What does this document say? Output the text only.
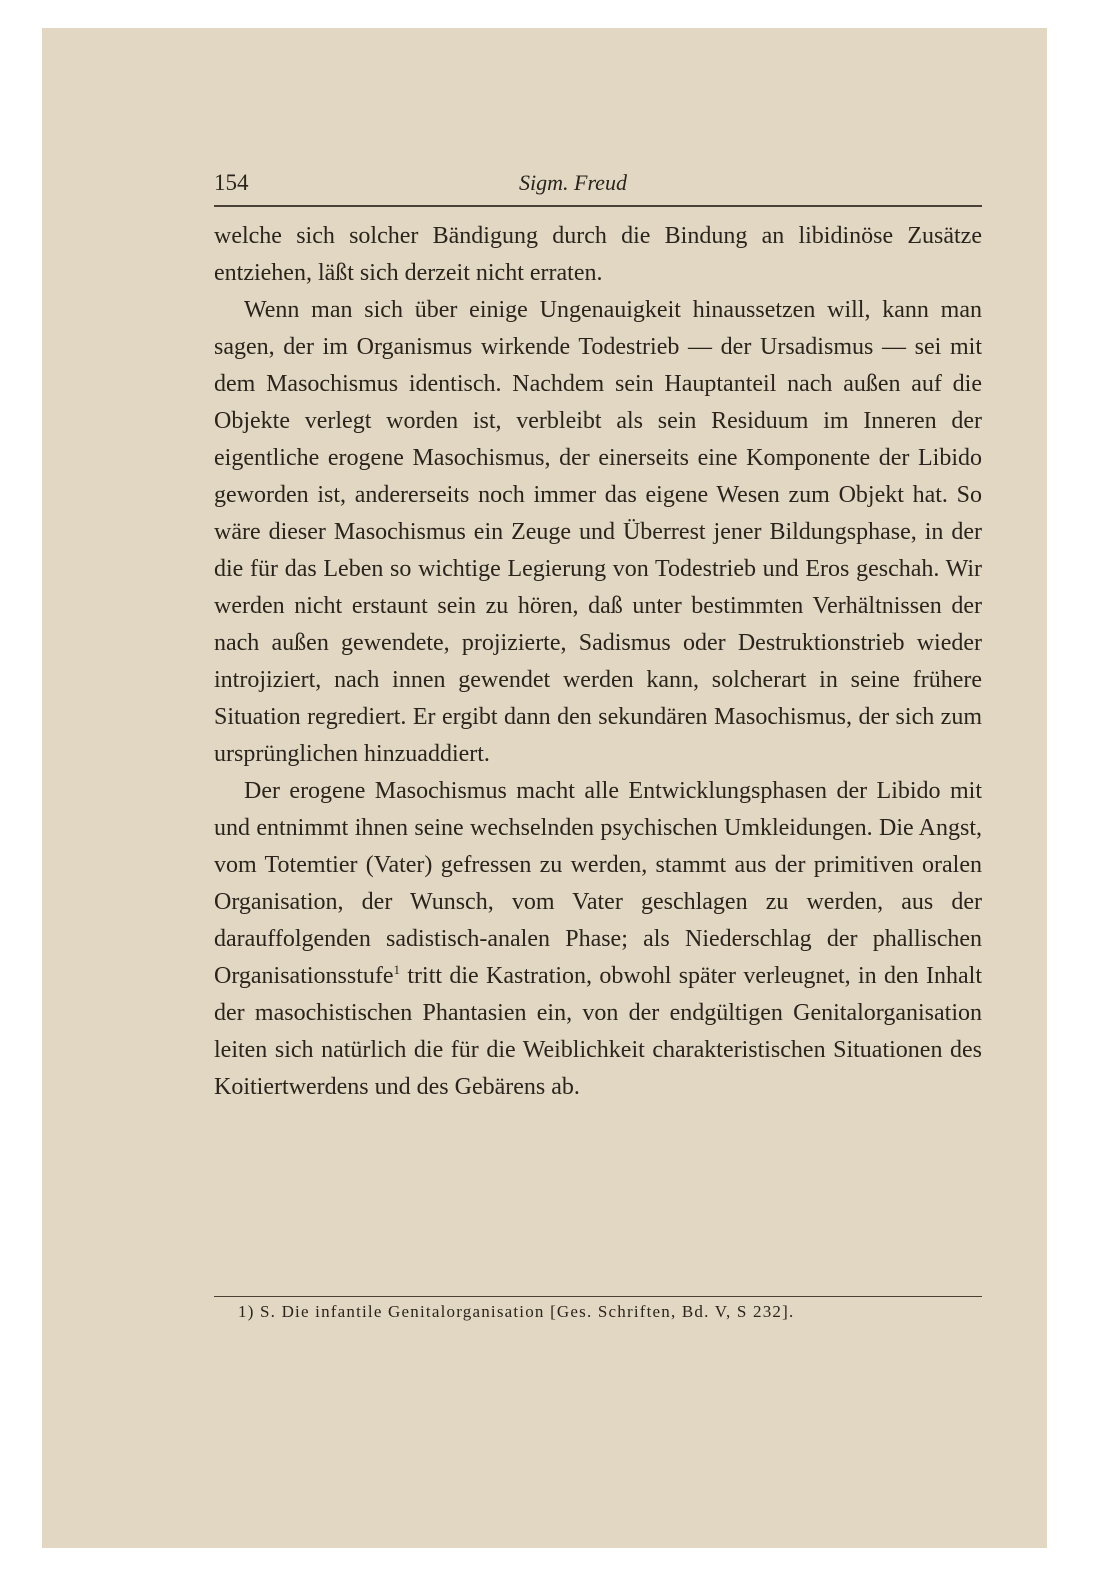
154	Sigm. Freud

welche sich solcher Bändigung durch die Bindung an libidinöse Zusätze entziehen, läßt sich derzeit nicht erraten.

Wenn man sich über einige Ungenauigkeit hinaussetzen will, kann man sagen, der im Organismus wirkende Todestrieb — der Ursadismus — sei mit dem Masochismus identisch. Nachdem sein Hauptanteil nach außen auf die Objekte verlegt worden ist, verbleibt als sein Residuum im Inneren der eigentliche erogene Masochismus, der einerseits eine Komponente der Libido geworden ist, andererseits noch immer das eigene Wesen zum Objekt hat. So wäre dieser Masochismus ein Zeuge und Überrest jener Bildungsphase, in der die für das Leben so wichtige Legierung von Todestrieb und Eros geschah. Wir werden nicht erstaunt sein zu hören, daß unter bestimmten Verhältnissen der nach außen gewendete, projizierte, Sadismus oder Destruktionstrieb wieder introjiziert, nach innen gewendet werden kann, solcherart in seine frühere Situation regrediert. Er ergibt dann den sekundären Masochismus, der sich zum ursprünglichen hinzuaddiert.

Der erogene Masochismus macht alle Entwicklungsphasen der Libido mit und entnimmt ihnen seine wechselnden psychischen Umkleidungen. Die Angst, vom Totemtier (Vater) gefressen zu werden, stammt aus der primitiven oralen Organisation, der Wunsch, vom Vater geschlagen zu werden, aus der darauffolgenden sadistisch-analen Phase; als Niederschlag der phallischen Organisationsstufe$^1$ tritt die Kastration, obwohl später verleugnet, in den Inhalt der masochistischen Phantasien ein, von der endgültigen Genitalorganisation leiten sich natürlich die für die Weiblichkeit charakteristischen Situationen des Koitiertwerdens und des Gebärens ab.

1) S. Die infantile Genitalorganisation [Ges. Schriften, Bd. V, S 232].
